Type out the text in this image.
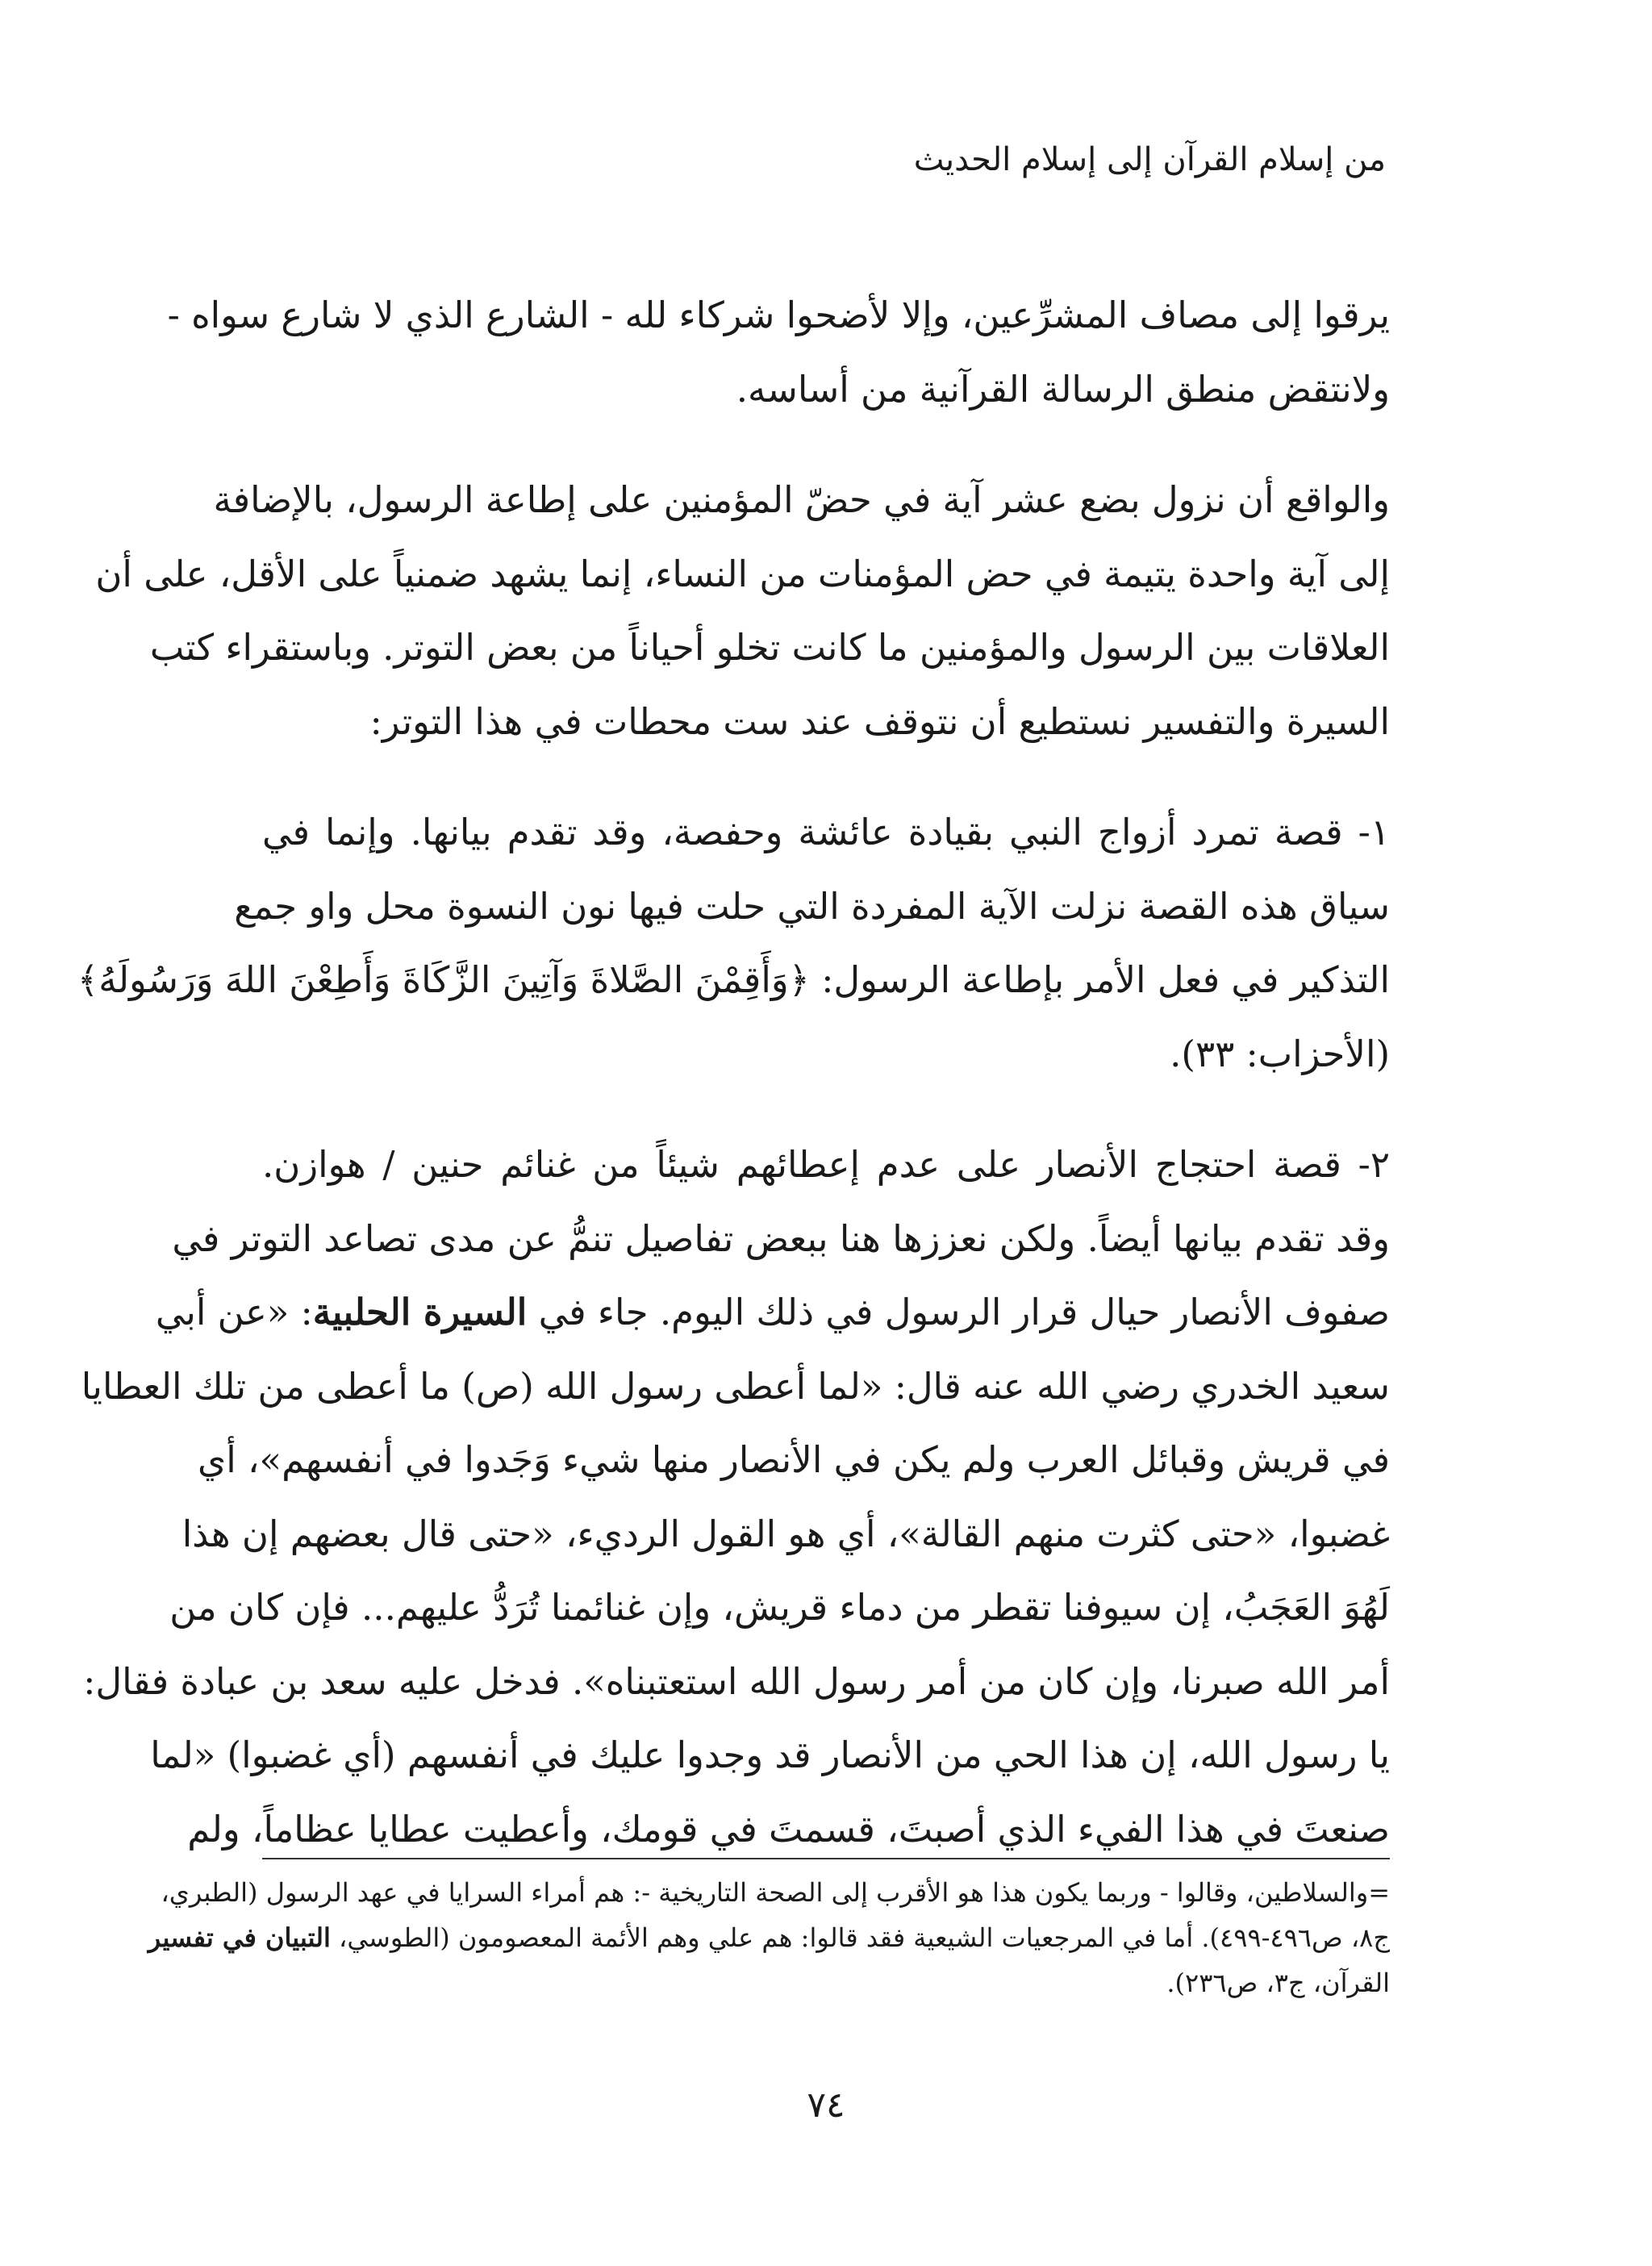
من إسلام القرآن إلى إسلام الحديث

يرقوا إلى مصاف المشرِّعين، وإلا لأضحوا شركاء لله - الشارع الذي لا شارع سواه -
ولانتقض منطق الرسالة القرآنية من أساسه.

والواقع أن نزول بضع عشر آية في حضّ المؤمنين على إطاعة الرسول، بالإضافة
إلى آية واحدة يتيمة في حض المؤمنات من النساء، إنما يشهد ضمنياً على الأقل، على أن
العلاقات بين الرسول والمؤمنين ما كانت تخلو أحياناً من بعض التوتر. وباستقراء كتب
السيرة والتفسير نستطيع أن نتوقف عند ست محطات في هذا التوتر:

١- قصة تمرد أزواج النبي بقيادة عائشة وحفصة، وقد تقدم بيانها. وإنما في
سياق هذه القصة نزلت الآية المفردة التي حلت فيها نون النسوة محل واو جمع
التذكير في فعل الأمر بإطاعة الرسول: ﴿وَأَقِمْنَ الصَّلاةَ وَآتِينَ الزَّكَاةَ وَأَطِعْنَ اللهَ وَرَسُولَهُ﴾
(الأحزاب: ٣٣).

٢- قصة احتجاج الأنصار على عدم إعطائهم شيئاً من غنائم حنين / هوازن.
وقد تقدم بيانها أيضاً. ولكن نعززها هنا ببعض تفاصيل تنمُّ عن مدى تصاعد التوتر في
صفوف الأنصار حيال قرار الرسول في ذلك اليوم. جاء في السيرة الحلبية: «عن أبي
سعيد الخدري رضي الله عنه قال: «لما أعطى رسول الله (ص) ما أعطى من تلك العطايا
في قريش وقبائل العرب ولم يكن في الأنصار منها شيء وَجَدوا في أنفسهم»، أي
غضبوا، «حتى كثرت منهم القالة»، أي هو القول الرديء، «حتى قال بعضهم إن هذا
لَهُوَ العَجَبُ، إن سيوفنا تقطر من دماء قريش، وإن غنائمنا تُرَدُّ عليهم... فإن كان من
أمر الله صبرنا، وإن كان من أمر رسول الله استعتبناه». فدخل عليه سعد بن عبادة فقال:
يا رسول الله، إن هذا الحي من الأنصار قد وجدوا عليك في أنفسهم (أي غضبوا) «لما
صنعتَ في هذا الفيء الذي أصبتَ، قسمتَ في قومك، وأعطيت عطايا عظاماً، ولم

=والسلاطين، وقالوا - وربما يكون هذا هو الأقرب إلى الصحة التاريخية -: هم أمراء السرايا في عهد الرسول (الطبري،
ج٨، ص٤٩٦-٤٩٩). أما في المرجعيات الشيعية فقد قالوا: هم علي وهم الأئمة المعصومون (الطوسي، التبيان في تفسير
القرآن، ج٣، ص٢٣٦).
٧٤
